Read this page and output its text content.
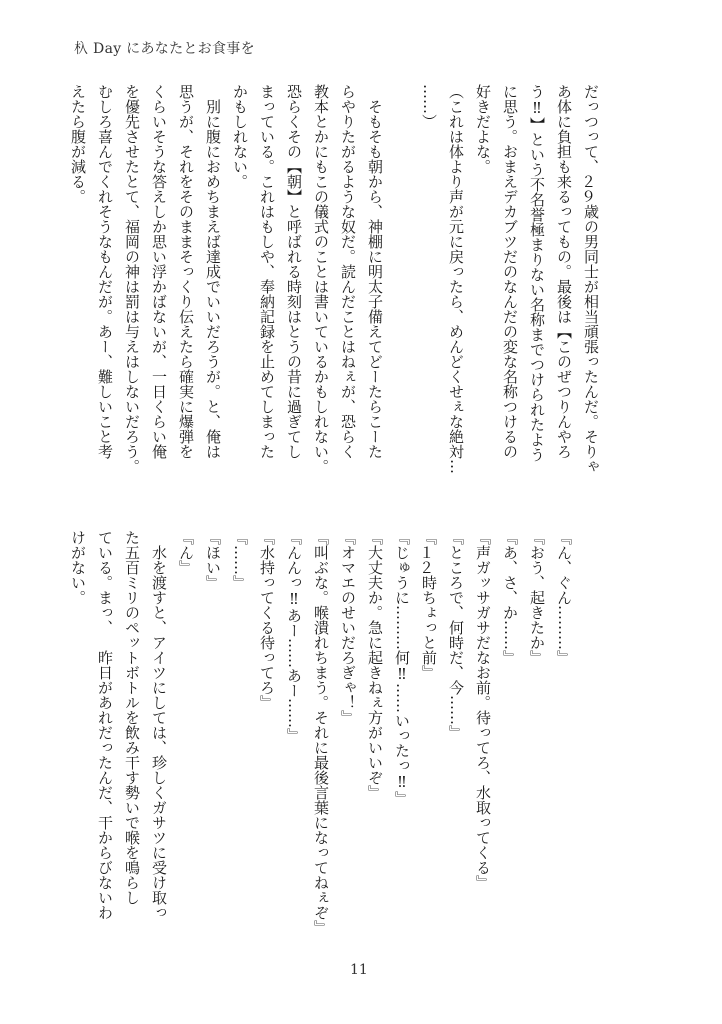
杁 Day にあなたとお食事を
だっつって、２９歳の男同士が相当頑張ったんだ。そりゃ
あ体に負担も来るってもの。最後は【このぜつりんやろ
う‼】という不名誉極まりない名称までつけられたよう
に思う。おまえデカブツだのなんだの変な名称つけるの
好きだよな。
（これは体より声が元に戻ったら、めんどくせぇな絶対…
……）
　そもそも朝から、神棚に明太子備えてどーたらこーた
らやりたがるような奴だ。読んだことはねぇが、恐らく
教本とかにもこの儀式のことは書いているかもしれない。
恐らくその【朝】と呼ばれる時刻はとうの昔に過ぎてし
まっている。これはもしや、奉納記録を止めてしまった
かもしれない。
　別に腹におめちまえば達成でいいだろうが。と、俺は
思うが、それをそのままそっくり伝えたら確実に爆弾を
くらいそうな答えしか思い浮かばないが、一日くらい俺
を優先させたとて、福岡の神は罰は与えはしないだろう。
むしろ喜んでくれそうなもんだが。あー、難しいこと考
えたら腹が減る。
『ん、ぐん………』
『おう、起きたか』
『あ、さ、か……』
『声ガッサガサだなお前。待ってろ、水取ってくる』
『ところで、何時だ、今……』
『１２時ちょっと前』
『じゅうに………何‼……いったっ‼』
『大丈夫か。急に起きねぇ方がいいぞ』
『オマエのせいだろぎゃ！』
『叫ぶな。喉潰れちまう。それに最後言葉になってねぇぞ』
『んんっ‼あー……あー……』
『水持ってくる待ってろ』
『……』
『ほい』
『ん』
　水を渡すと、アイツにしては、珍しくガサツに受け取っ
た五百ミリのペットボトルを飲み干す勢いで喉を鳴らし
ている。まっ、　昨日があれだったんだ、干からびないわ
けがない。
11
